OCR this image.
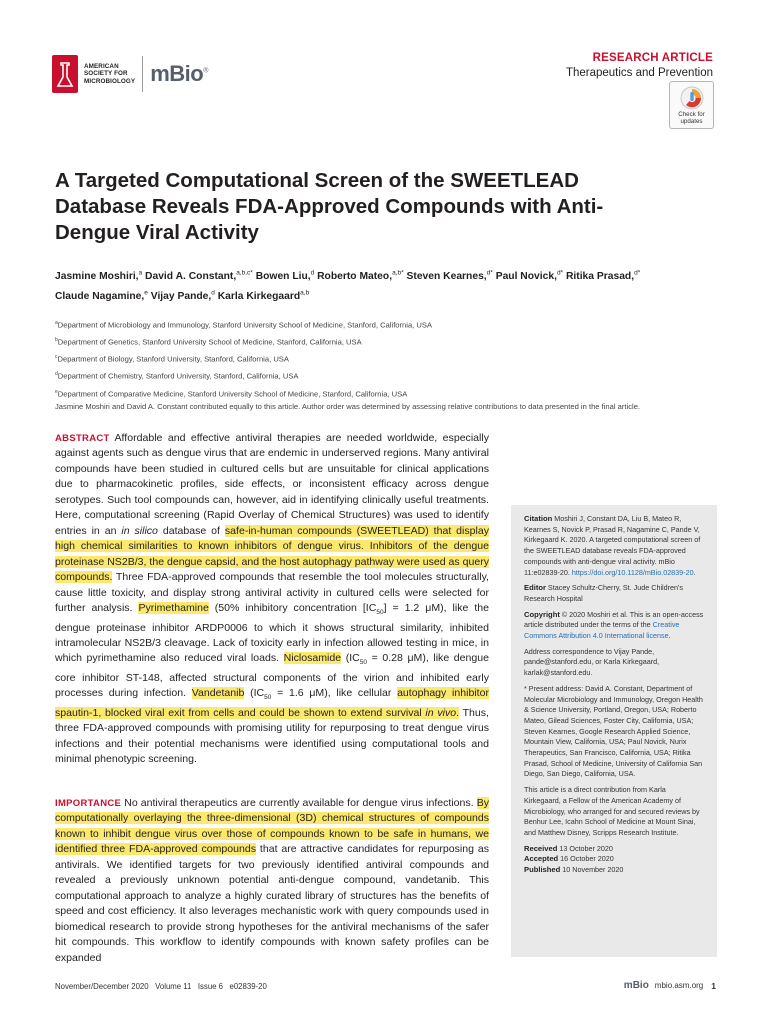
AMERICAN
SOCIETY FOR
MICROBIOLOGY mBio®
RESEARCH ARTICLE
Therapeutics and Prevention
Check for
updates
A Targeted Computational Screen of the SWEETLEAD Database Reveals FDA-Approved Compounds with Anti-Dengue Viral Activity
Jasmine Moshiri,$^a$ David A. Constant,$^{a,b,c*}$ Bowen Liu,$^d$ Roberto Mateo,$^{a,b*}$ Steven Kearnes,$^{d*}$ Paul Novick,$^{d*}$ Ritika Prasad,$^{d*}$
Claude Nagamine,$^e$ Vijay Pande,$^d$ Karla Kirkegaard$^{a,b}$
$^a$Department of Microbiology and Immunology, Stanford University School of Medicine, Stanford, California, USA
$^b$Department of Genetics, Stanford University School of Medicine, Stanford, California, USA
$^c$Department of Biology, Stanford University, Stanford, California, USA
$^d$Department of Chemistry, Stanford University, Stanford, California, USA
$^e$Department of Comparative Medicine, Stanford University School of Medicine, Stanford, California, USA
Jasmine Moshiri and David A. Constant contributed equally to this article. Author order was determined by assessing relative contributions to data presented in the final article.

ABSTRACT Affordable and effective antiviral therapies are needed worldwide, especially against agents such as dengue virus that are endemic in underserved regions. Many antiviral compounds have been studied in cultured cells but are unsuitable for clinical applications due to pharmacokinetic profiles, side effects, or inconsistent efficacy across dengue serotypes. Such tool compounds can, however, aid in identifying clinically useful treatments. Here, computational screening (Rapid Overlay of Chemical Structures) was used to identify entries in an in silico database of safe-in-human compounds (SWEETLEAD) that display high chemical similarities to known inhibitors of dengue virus. Inhibitors of the dengue proteinase NS2B/3, the dengue capsid, and the host autophagy pathway were used as query compounds. Three FDA-approved compounds that resemble the tool molecules structurally, cause little toxicity, and display strong antiviral activity in cultured cells were selected for further analysis. Pyrimethamine (50% inhibitory concentration $[IC_{50}] = 1.2$ μM), like the dengue proteinase inhibitor ARDP0006 to which it shows structural similarity, inhibited intramolecular NS2B/3 cleavage. Lack of toxicity early in infection allowed testing in mice, in which pyrimethamine also reduced viral loads. Niclosamide ($IC_{50} = 0.28$ μM), like dengue core inhibitor ST-148, affected structural components of the virion and inhibited early processes during infection. Vandetanib ($IC_{50} = 1.6$ μM), like cellular autophagy inhibitor spautin-1, blocked viral exit from cells and could be shown to extend survival in vivo. Thus, three FDA-approved compounds with promising utility for repurposing to treat dengue virus infections and their potential mechanisms were identified using computational tools and minimal phenotypic screening.

IMPORTANCE No antiviral therapeutics are currently available for dengue virus infections. By computationally overlaying the three-dimensional (3D) chemical structures of compounds known to inhibit dengue virus over those of compounds known to be safe in humans, we identified three FDA-approved compounds that are attractive candidates for repurposing as antivirals. We identified targets for two previously identified antiviral compounds and revealed a previously unknown potential anti-dengue compound, vandetanib. This computational approach to analyze a highly curated library of structures has the benefits of speed and cost efficiency. It also leverages mechanistic work with query compounds used in biomedical research to provide strong hypotheses for the antiviral mechanisms of the safer hit compounds. This workflow to identify compounds with known safety profiles can be expanded

Citation Moshiri J, Constant DA, Liu B, Mateo R, Kearnes S, Novick P, Prasad R, Nagamine C, Pande V, Kirkegaard K. 2020. A targeted computational screen of the SWEETLEAD database reveals FDA-approved compounds with anti-dengue viral activity. mBio 11:e02839-20. https://doi.org/10.1128/mBio.02839-20.

Editor Stacey Schultz-Cherry, St. Jude Children's Research Hospital

Copyright © 2020 Moshiri et al. This is an open-access article distributed under the terms of the Creative Commons Attribution 4.0 International license.

Address correspondence to Vijay Pande, pande@stanford.edu, or Karla Kirkegaard, karlak@stanford.edu.

* Present address: David A. Constant, Department of Molecular Microbiology and Immunology, Oregon Health & Science University, Portland, Oregon, USA; Roberto Mateo, Gilead Sciences, Foster City, California, USA; Steven Kearnes, Google Research Applied Science, Mountain View, California, USA; Paul Novick, Nurix Therapeutics, San Francisco, California, USA; Ritika Prasad, School of Medicine, University of California San Diego, San Diego, California, USA.

This article is a direct contribution from Karla Kirkegaard, a Fellow of the American Academy of Microbiology, who arranged for and secured reviews by Benhur Lee, Icahn School of Medicine at Mount Sinai, and Matthew Disney, Scripps Research Institute.

Received 13 October 2020
Accepted 16 October 2020
Published 10 November 2020
November/December 2020   Volume 11   Issue 6   e02839-20	mBio mbio.asm.org 1
